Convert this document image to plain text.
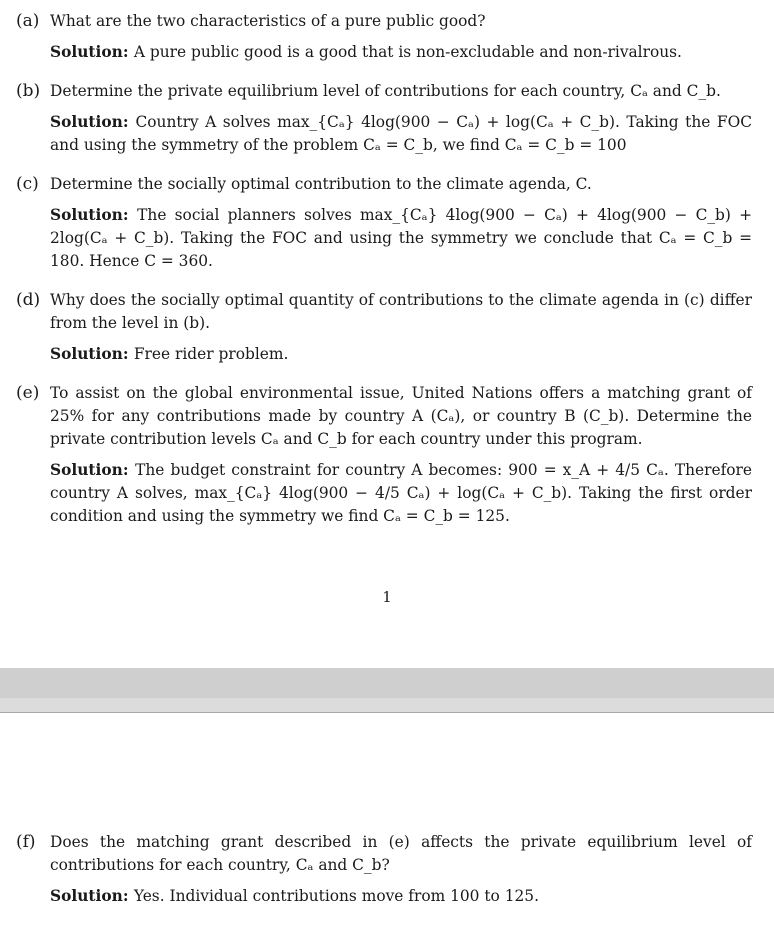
(a) What are the two characteristics of a pure public good?
Solution: A pure public good is a good that is non-excludable and non-rivalrous.
(b) Determine the private equilibrium level of contributions for each country, Cₐ and C_b.
Solution: Country A solves max_{Cₐ} 4log(900 − Cₐ) + log(Cₐ + C_b). Taking the FOC and using the symmetry of the problem Cₐ = C_b, we find Cₐ = C_b = 100
(c) Determine the socially optimal contribution to the climate agenda, C.
Solution: The social planners solves max_{Cₐ} 4log(900 − Cₐ) + 4log(900 − C_b) + 2log(Cₐ + C_b). Taking the FOC and using the symmetry we conclude that Cₐ = C_b = 180. Hence C = 360.
(d) Why does the socially optimal quantity of contributions to the climate agenda in (c) differ from the level in (b).
Solution: Free rider problem.
(e) To assist on the global environmental issue, United Nations offers a matching grant of 25% for any contributions made by country A (Cₐ), or country B (C_b). Determine the private contribution levels Cₐ and C_b for each country under this program.
Solution: The budget constraint for country A becomes: 900 = x_A + 4/5 Cₐ. Therefore country A solves, max_{Cₐ} 4log(900 − 4/5 Cₐ) + log(Cₐ + C_b). Taking the first order condition and using the symmetry we find Cₐ = C_b = 125.
1
(f) Does the matching grant described in (e) affects the private equilibrium level of contributions for each country, Cₐ and C_b?
Solution: Yes. Individual contributions move from 100 to 125.
